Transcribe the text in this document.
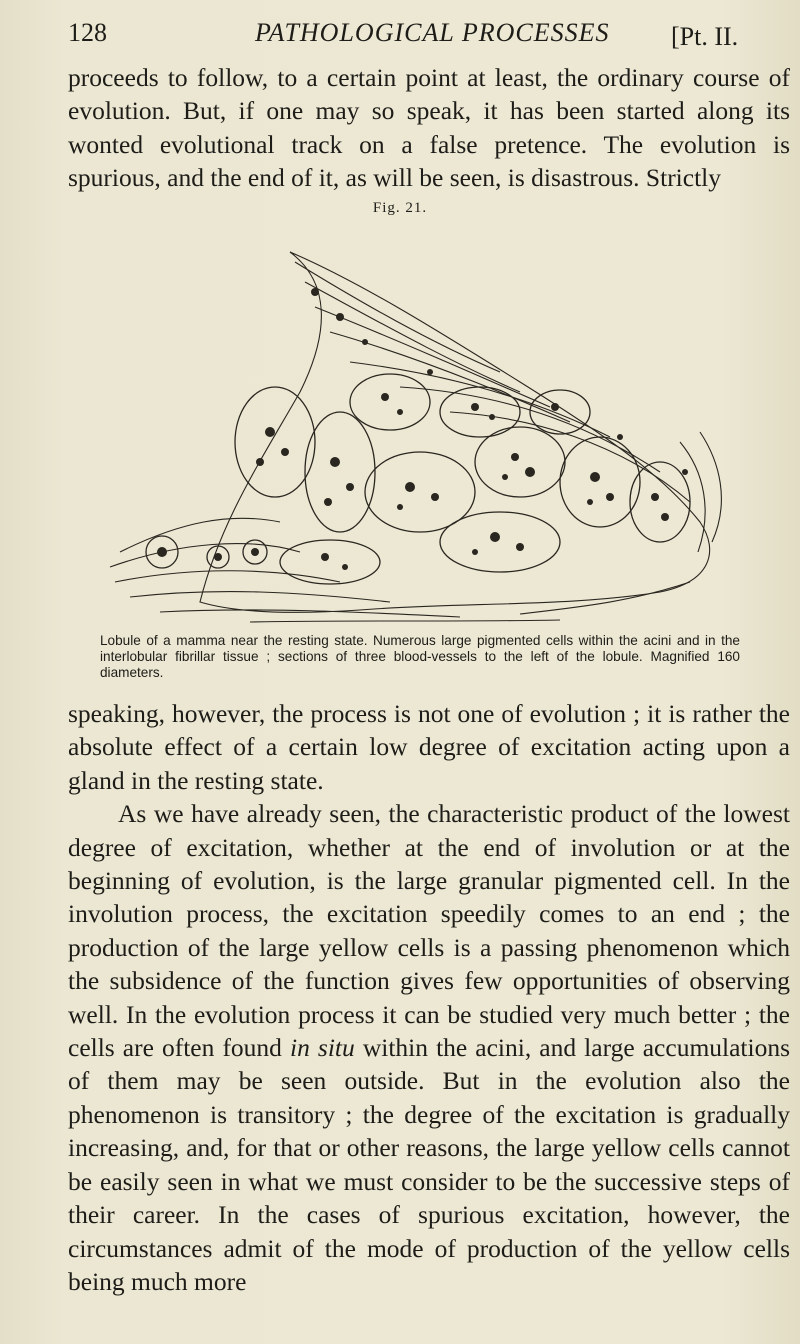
128	PATHOLOGICAL PROCESSES [Pt. II.
proceeds to follow, to a certain point at least, the ordinary course of evolution. But, if one may so speak, it has been started along its wonted evolutional track on a false pretence. The evolution is spurious, and the end of it, as will be seen, is disastrous. Strictly
Fig. 21.
Lobule of a mamma near the resting state. Numerous large pigmented cells within the acini and in the interlobular fibrillar tissue ; sections of three blood-vessels to the left of the lobule. Magnified 160 diameters.
speaking, however, the process is not one of evolution ; it is rather the absolute effect of a certain low degree of excitation acting upon a gland in the resting state.
As we have already seen, the characteristic product of the lowest degree of excitation, whether at the end of involution or at the beginning of evolution, is the large granular pigmented cell. In the involution process, the excitation speedily comes to an end ; the production of the large yellow cells is a passing phenomenon which the subsidence of the function gives few opportunities of observing well. In the evolution process it can be studied very much better ; the cells are often found in situ within the acini, and large accumulations of them may be seen outside. But in the evolution also the phenomenon is transitory ; the degree of the excitation is gradually increasing, and, for that or other reasons, the large yellow cells cannot be easily seen in what we must consider to be the successive steps of their career. In the cases of spurious excitation, however, the circumstances admit of the mode of production of the yellow cells being much more
